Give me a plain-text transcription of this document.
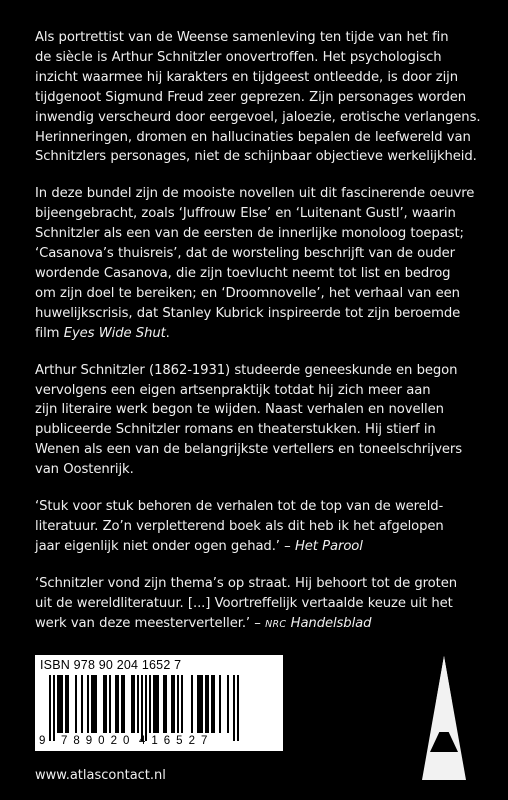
Als portrettist van de Weense samenleving ten tijde van het fin
de siècle is Arthur Schnitzler onovertroffen. Het psychologisch
inzicht waarmee hij karakters en tijdgeest ontleedde, is door zijn
tijdgenoot Sigmund Freud zeer geprezen. Zijn personages worden
inwendig verscheurd door eergevoel, jaloezie, erotische verlangens.
Herinneringen, dromen en hallucinaties bepalen de leefwereld van
Schnitzlers personages, niet de schijnbaar objectieve werkelijkheid.

In deze bundel zijn de mooiste novellen uit dit fascinerende oeuvre
bijeengebracht, zoals ‘Juffrouw Else’ en ‘Luitenant Gustl’, waarin
Schnitzler als een van de eersten de innerlijke monoloog toepast;
‘Casanova’s thuisreis’, dat de worsteling beschrijft van de ouder
wordende Casanova, die zijn toevlucht neemt tot list en bedrog
om zijn doel te bereiken; en ‘Droomnovelle’, het verhaal van een
huwelijkscrisis, dat Stanley Kubrick inspireerde tot zijn beroemde
film Eyes Wide Shut.

Arthur Schnitzler (1862-1931) studeerde geneeskunde en begon
vervolgens een eigen artsenpraktijk totdat hij zich meer aan
zijn literaire werk begon te wijden. Naast verhalen en novellen
publiceerde Schnitzler romans en theaterstukken. Hij stierf in
Wenen als een van de belangrijkste vertellers en toneelschrijvers
van Oostenrijk.

‘Stuk voor stuk behoren de verhalen tot de top van de wereld-
literatuur. Zo’n verpletterend boek als dit heb ik het afgelopen
jaar eigenlijk niet onder ogen gehad.’ – Het Parool

‘Schnitzler vond zijn thema’s op straat. Hij behoort tot de groten
uit de wereldliteratuur. [...] Voortreffelijk vertaalde keuze uit het
werk van deze meesterverteller.’ – NRC Handelsblad

ISBN 978 90 204 1652 7
9 789020 416527
www.atlascontact.nl
